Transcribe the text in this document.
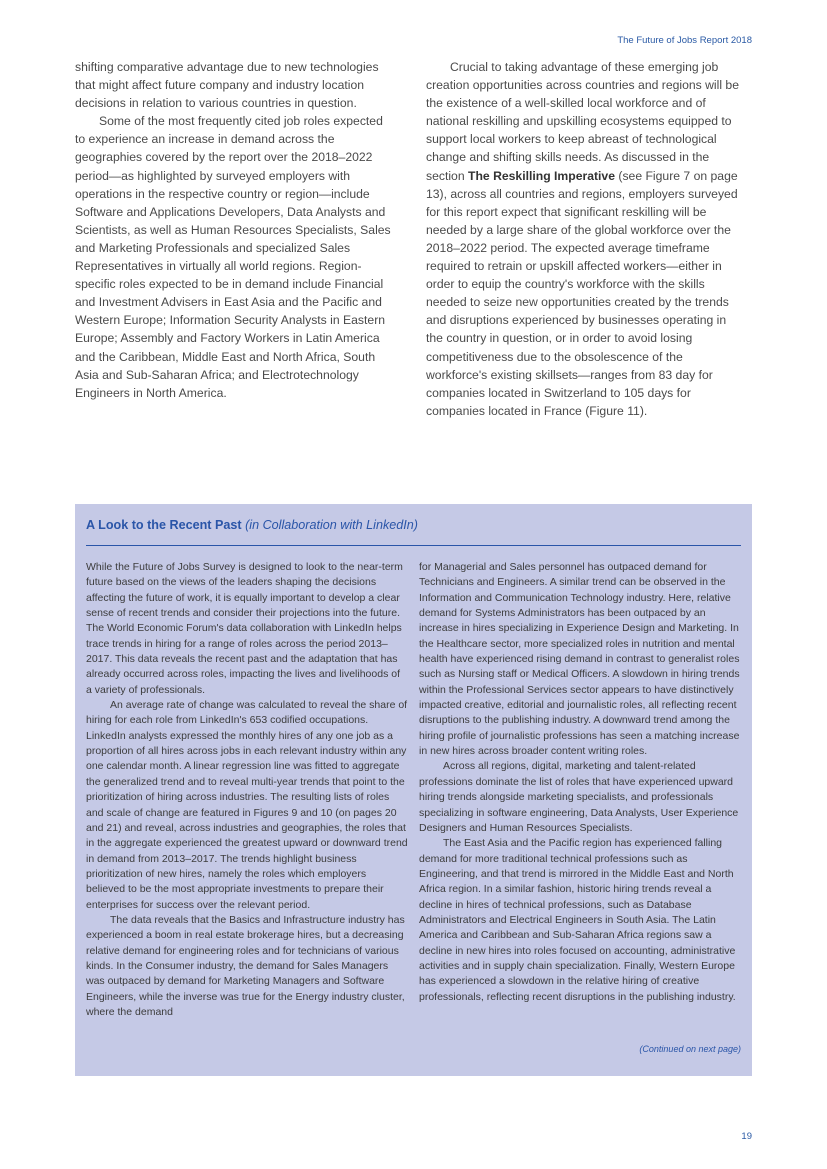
The Future of Jobs Report 2018

shifting comparative advantage due to new technologies that might affect future company and industry location decisions in relation to various countries in question.

Some of the most frequently cited job roles expected to experience an increase in demand across the geographies covered by the report over the 2018–2022 period—as highlighted by surveyed employers with operations in the respective country or region—include Software and Applications Developers, Data Analysts and Scientists, as well as Human Resources Specialists, Sales and Marketing Professionals and specialized Sales Representatives in virtually all world regions. Region-specific roles expected to be in demand include Financial and Investment Advisers in East Asia and the Pacific and Western Europe; Information Security Analysts in Eastern Europe; Assembly and Factory Workers in Latin America and the Caribbean, Middle East and North Africa, South Asia and Sub-Saharan Africa; and Electrotechnology Engineers in North America.

Crucial to taking advantage of these emerging job creation opportunities across countries and regions will be the existence of a well-skilled local workforce and of national reskilling and upskilling ecosystems equipped to support local workers to keep abreast of technological change and shifting skills needs. As discussed in the section The Reskilling Imperative (see Figure 7 on page 13), across all countries and regions, employers surveyed for this report expect that significant reskilling will be needed by a large share of the global workforce over the 2018–2022 period. The expected average timeframe required to retrain or upskill affected workers—either in order to equip the country's workforce with the skills needed to seize new opportunities created by the trends and disruptions experienced by businesses operating in the country in question, or in order to avoid losing competitiveness due to the obsolescence of the workforce's existing skillsets—ranges from 83 day for companies located in Switzerland to 105 days for companies located in France (Figure 11).

A Look to the Recent Past (in Collaboration with LinkedIn)

While the Future of Jobs Survey is designed to look to the near-term future based on the views of the leaders shaping the decisions affecting the future of work, it is equally important to develop a clear sense of recent trends and consider their projections into the future. The World Economic Forum's data collaboration with LinkedIn helps trace trends in hiring for a range of roles across the period 2013–2017. This data reveals the recent past and the adaptation that has already occurred across roles, impacting the lives and livelihoods of a variety of professionals.

An average rate of change was calculated to reveal the share of hiring for each role from LinkedIn's 653 codified occupations. LinkedIn analysts expressed the monthly hires of any one job as a proportion of all hires across jobs in each relevant industry within any one calendar month. A linear regression line was fitted to aggregate the generalized trend and to reveal multi-year trends that point to the prioritization of hiring across industries. The resulting lists of roles and scale of change are featured in Figures 9 and 10 (on pages 20 and 21) and reveal, across industries and geographies, the roles that in the aggregate experienced the greatest upward or downward trend in demand from 2013–2017. The trends highlight business prioritization of new hires, namely the roles which employers believed to be the most appropriate investments to prepare their enterprises for success over the relevant period.

The data reveals that the Basics and Infrastructure industry has experienced a boom in real estate brokerage hires, but a decreasing relative demand for engineering roles and for technicians of various kinds. In the Consumer industry, the demand for Sales Managers was outpaced by demand for Marketing Managers and Software Engineers, while the inverse was true for the Energy industry cluster, where the demand

for Managerial and Sales personnel has outpaced demand for Technicians and Engineers. A similar trend can be observed in the Information and Communication Technology industry. Here, relative demand for Systems Administrators has been outpaced by an increase in hires specializing in Experience Design and Marketing. In the Healthcare sector, more specialized roles in nutrition and mental health have experienced rising demand in contrast to generalist roles such as Nursing staff or Medical Officers. A slowdown in hiring trends within the Professional Services sector appears to have distinctively impacted creative, editorial and journalistic roles, all reflecting recent disruptions to the publishing industry. A downward trend among the hiring profile of journalistic professions has seen a matching increase in new hires across broader content writing roles.

Across all regions, digital, marketing and talent-related professions dominate the list of roles that have experienced upward hiring trends alongside marketing specialists, and professionals specializing in software engineering, Data Analysts, User Experience Designers and Human Resources Specialists.

The East Asia and the Pacific region has experienced falling demand for more traditional technical professions such as Engineering, and that trend is mirrored in the Middle East and North Africa region. In a similar fashion, historic hiring trends reveal a decline in hires of technical professions, such as Database Administrators and Electrical Engineers in South Asia. The Latin America and Caribbean and Sub-Saharan Africa regions saw a decline in new hires into roles focused on accounting, administrative activities and in supply chain specialization. Finally, Western Europe has experienced a slowdown in the relative hiring of creative professionals, reflecting recent disruptions in the publishing industry.

(Continued on next page)
19
